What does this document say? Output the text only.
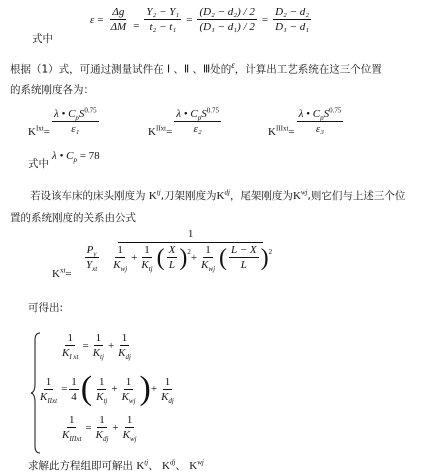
式中
$\varepsilon = \frac{\Delta g}{\Delta M} = \frac{\text{Y₂ − Y₁}}{\text{t₂ − t₁}} = \frac{\text{(D₂ − d₂) / 2}}{\text{(D₁ − d₁) / 2}} = \frac{\text{D₂ − d₂}}{\text{D₁ − d₁}}$
根据（1）式，可通过测量试件在 Ⅰ 、Ⅱ 、Ⅲ处的ε，计算出工艺系统在这三个位置
的系统刚度各为：
$K^{Ixt}= \frac{\lambda • C_pS^{0.75}}{\text{ε₁}}$	$K^{IIxt}= \frac{\lambda • C_pS^{0.75}}{\text{ε₂}}$	$K^{IIIxt}= \frac{\lambda • C_pS^{0.75}}{\text{ε₃}}$
式中
λ • $C_p = 78$
若设该车床的床头刚度为 $K^{tj}$,刀架刚度为$K^{dj}$，尾架刚度为$K^{wj}$,则它们与上述三个位
置的系统刚度的关系由公式
$K^{xt}=$
$\frac{P_y}{Y_{xt}}$
1
$\frac{1}{K_{wj}} + \frac{1}{K_{tj}}$ ( $\frac{X}{L} )^2 + \frac{1}{K_{wj}}$ ( $\frac{L - X}{L} )^2$
可得出:
$\frac{1}{K_{I xt}} = \frac{1}{K_{tj}} + \frac{1}{K_{dj}}$
$\frac{1}{K_{IIxt}} = \frac{1}{4}$ ( $\frac{1}{K_{tj}} + \frac{1}{K_{wj}}$ ) + $\frac{1}{K_{dj}}$
$\frac{1}{K_{IIIxt}} = \frac{1}{K_{dj}} + \frac{1}{K_{wj}}$
求解此方程组即可解出 $K^{tj}$、 $K^{dj}$、 $K^{wj}$
